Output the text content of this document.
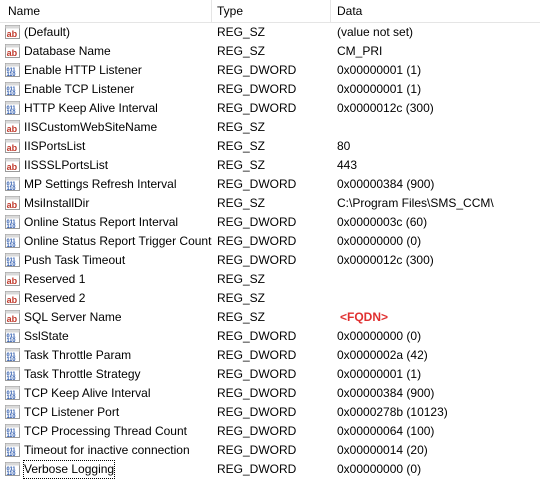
Name	Type	Data
ab (Default)	REG_SZ	(value not set)
ab Database Name	REG_SZ	CM_PRI
011
110 Enable HTTP Listener	REG_DWORD	0x00000001 (1)
011
110 Enable TCP Listener	REG_DWORD	0x00000001 (1)
011
110 HTTP Keep Alive Interval	REG_DWORD	0x0000012c (300)
ab IISCustomWebSiteName	REG_SZ
ab IISPortsList	REG_SZ	80
ab IISSSLPortsList	REG_SZ	443
011
110 MP Settings Refresh Interval	REG_DWORD	0x00000384 (900)
ab MsiInstallDir	REG_SZ	C:\Program Files\SMS_CCM\
011
110 Online Status Report Interval	REG_DWORD	0x0000003c (60)
011
110 Online Status Report Trigger Count REG_DWORD	0x00000000 (0)
011
110 Push Task Timeout	REG_DWORD	0x0000012c (300)
ab Reserved 1	REG_SZ
ab Reserved 2	REG_SZ
ab SQL Server Name	REG_SZ	<FQDN>
011
110 SslState	REG_DWORD	0x00000000 (0)
011
110 Task Throttle Param	REG_DWORD	0x0000002a (42)
011
110 Task Throttle Strategy	REG_DWORD	0x00000001 (1)
011
110 TCP Keep Alive Interval	REG_DWORD	0x00000384 (900)
011
110 TCP Listener Port	REG_DWORD	0x0000278b (10123)
011
110 TCP Processing Thread Count	REG_DWORD	0x00000064 (100)
011
110 Timeout for inactive connection REG_DWORD	0x00000014 (20)
011
110 Verbose Logging	REG_DWORD	0x00000000 (0)
